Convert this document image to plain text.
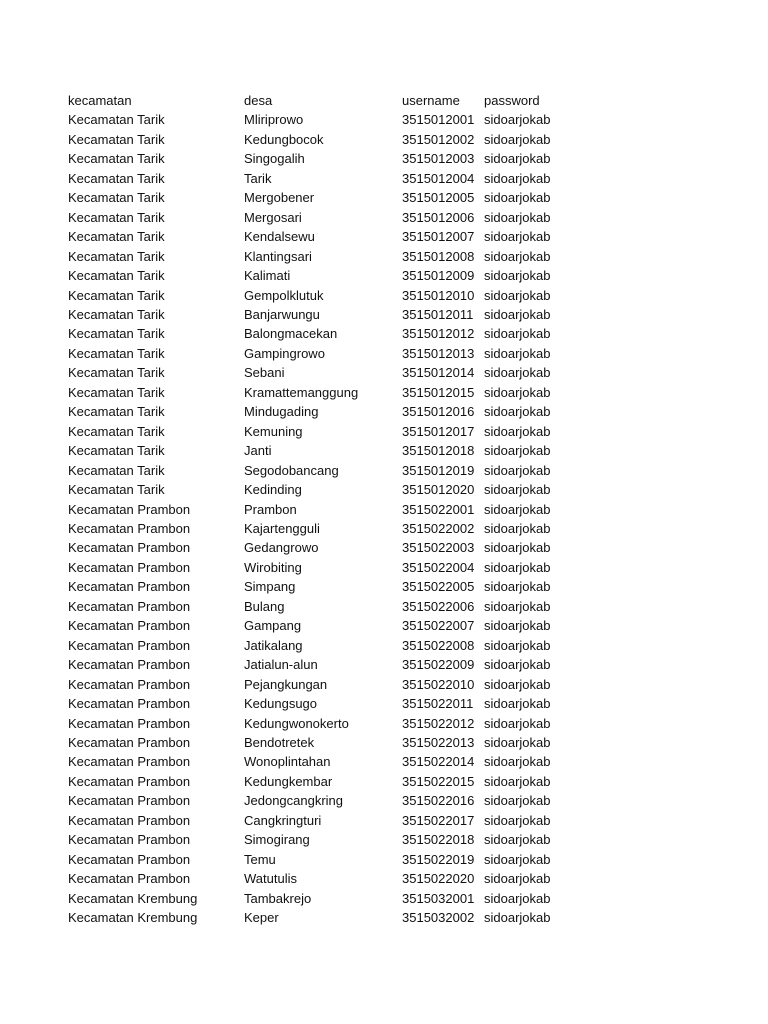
kecamatan	desa	username	password
Kecamatan Tarik	Mliriprowo	3515012001	sidoarjokab
Kecamatan Tarik	Kedungbocok	3515012002	sidoarjokab
Kecamatan Tarik	Singogalih	3515012003	sidoarjokab
Kecamatan Tarik	Tarik	3515012004	sidoarjokab
Kecamatan Tarik	Mergobener	3515012005	sidoarjokab
Kecamatan Tarik	Mergosari	3515012006	sidoarjokab
Kecamatan Tarik	Kendalsewu	3515012007	sidoarjokab
Kecamatan Tarik	Klantingsari	3515012008	sidoarjokab
Kecamatan Tarik	Kalimati	3515012009	sidoarjokab
Kecamatan Tarik	Gempolklutuk	3515012010	sidoarjokab
Kecamatan Tarik	Banjarwungu	3515012011	sidoarjokab
Kecamatan Tarik	Balongmacekan	3515012012	sidoarjokab
Kecamatan Tarik	Gampingrowo	3515012013	sidoarjokab
Kecamatan Tarik	Sebani	3515012014	sidoarjokab
Kecamatan Tarik	Kramattemanggung	3515012015	sidoarjokab
Kecamatan Tarik	Mindugading	3515012016	sidoarjokab
Kecamatan Tarik	Kemuning	3515012017	sidoarjokab
Kecamatan Tarik	Janti	3515012018	sidoarjokab
Kecamatan Tarik	Segodobancang	3515012019	sidoarjokab
Kecamatan Tarik	Kedinding	3515012020	sidoarjokab
Kecamatan Prambon	Prambon	3515022001	sidoarjokab
Kecamatan Prambon	Kajartengguli	3515022002	sidoarjokab
Kecamatan Prambon	Gedangrowo	3515022003	sidoarjokab
Kecamatan Prambon	Wirobiting	3515022004	sidoarjokab
Kecamatan Prambon	Simpang	3515022005	sidoarjokab
Kecamatan Prambon	Bulang	3515022006	sidoarjokab
Kecamatan Prambon	Gampang	3515022007	sidoarjokab
Kecamatan Prambon	Jatikalang	3515022008	sidoarjokab
Kecamatan Prambon	Jatialun-alun	3515022009	sidoarjokab
Kecamatan Prambon	Pejangkungan	3515022010	sidoarjokab
Kecamatan Prambon	Kedungsugo	3515022011	sidoarjokab
Kecamatan Prambon	Kedungwonokerto	3515022012	sidoarjokab
Kecamatan Prambon	Bendotretek	3515022013	sidoarjokab
Kecamatan Prambon	Wonoplintahan	3515022014	sidoarjokab
Kecamatan Prambon	Kedungkembar	3515022015	sidoarjokab
Kecamatan Prambon	Jedongcangkring	3515022016	sidoarjokab
Kecamatan Prambon	Cangkringturi	3515022017	sidoarjokab
Kecamatan Prambon	Simogirang	3515022018	sidoarjokab
Kecamatan Prambon	Temu	3515022019	sidoarjokab
Kecamatan Prambon	Watutulis	3515022020	sidoarjokab
Kecamatan Krembung	Tambakrejo	3515032001	sidoarjokab
Kecamatan Krembung	Keper	3515032002	sidoarjokab
